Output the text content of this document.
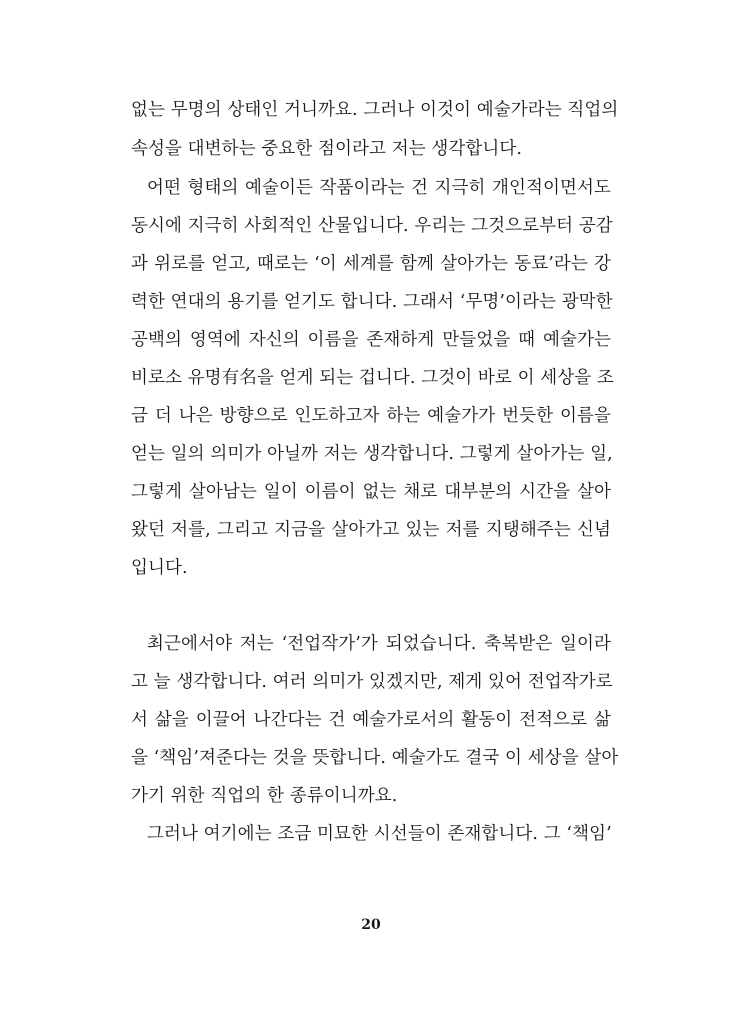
없는 무명의 상태인 거니까요. 그러나 이것이 예술가라는 직업의
속성을 대변하는 중요한 점이라고 저는 생각합니다.
어떤 형태의 예술이든 작품이라는 건 지극히 개인적이면서도
동시에 지극히 사회적인 산물입니다. 우리는 그것으로부터 공감
과 위로를 얻고, 때로는 ‘이 세계를 함께 살아가는 동료’라는 강
력한 연대의 용기를 얻기도 합니다. 그래서 ‘무명’이라는 광막한
공백의 영역에 자신의 이름을 존재하게 만들었을 때 예술가는
비로소 유명有名을 얻게 되는 겁니다. 그것이 바로 이 세상을 조
금 더 나은 방향으로 인도하고자 하는 예술가가 번듯한 이름을
얻는 일의 의미가 아닐까 저는 생각합니다. 그렇게 살아가는 일,
그렇게 살아남는 일이 이름이 없는 채로 대부분의 시간을 살아
왔던 저를, 그리고 지금을 살아가고 있는 저를 지탱해주는 신념
입니다.
최근에서야 저는 ‘전업작가’가 되었습니다. 축복받은 일이라
고 늘 생각합니다. 여러 의미가 있겠지만, 제게 있어 전업작가로
서 삶을 이끌어 나간다는 건 예술가로서의 활동이 전적으로 삶
을 ‘책임’져준다는 것을 뜻합니다. 예술가도 결국 이 세상을 살아
가기 위한 직업의 한 종류이니까요.
그러나 여기에는 조금 미묘한 시선들이 존재합니다. 그 ‘책임’
20
